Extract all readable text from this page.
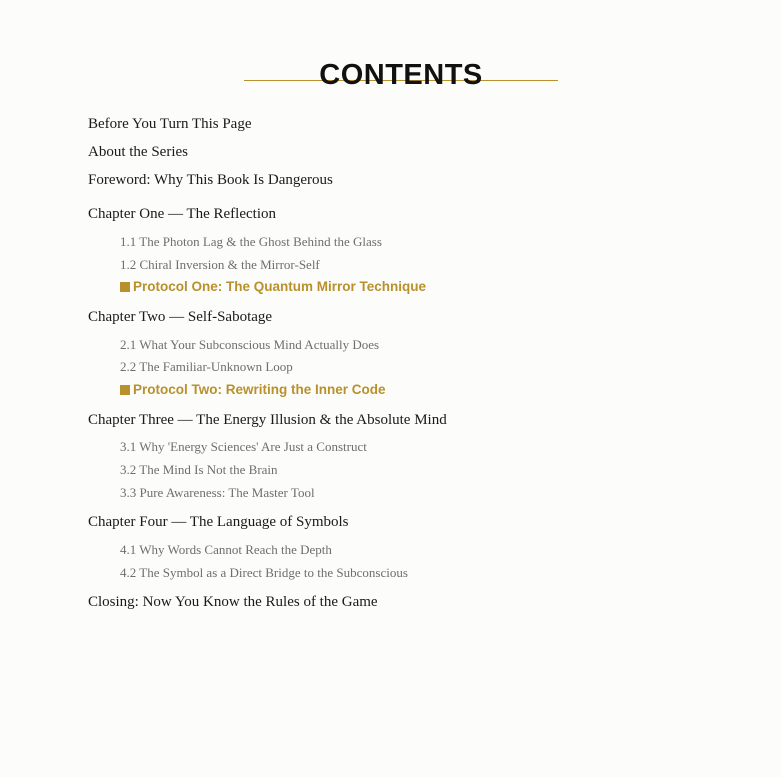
CONTENTS
Before You Turn This Page
About the Series
Foreword: Why This Book Is Dangerous
Chapter One — The Reflection
1.1 The Photon Lag & the Ghost Behind the Glass
1.2 Chiral Inversion & the Mirror-Self
Protocol One: The Quantum Mirror Technique
Chapter Two — Self-Sabotage
2.1 What Your Subconscious Mind Actually Does
2.2 The Familiar-Unknown Loop
Protocol Two: Rewriting the Inner Code
Chapter Three — The Energy Illusion & the Absolute Mind
3.1 Why 'Energy Sciences' Are Just a Construct
3.2 The Mind Is Not the Brain
3.3 Pure Awareness: The Master Tool
Chapter Four — The Language of Symbols
4.1 Why Words Cannot Reach the Depth
4.2 The Symbol as a Direct Bridge to the Subconscious
Closing: Now You Know the Rules of the Game
